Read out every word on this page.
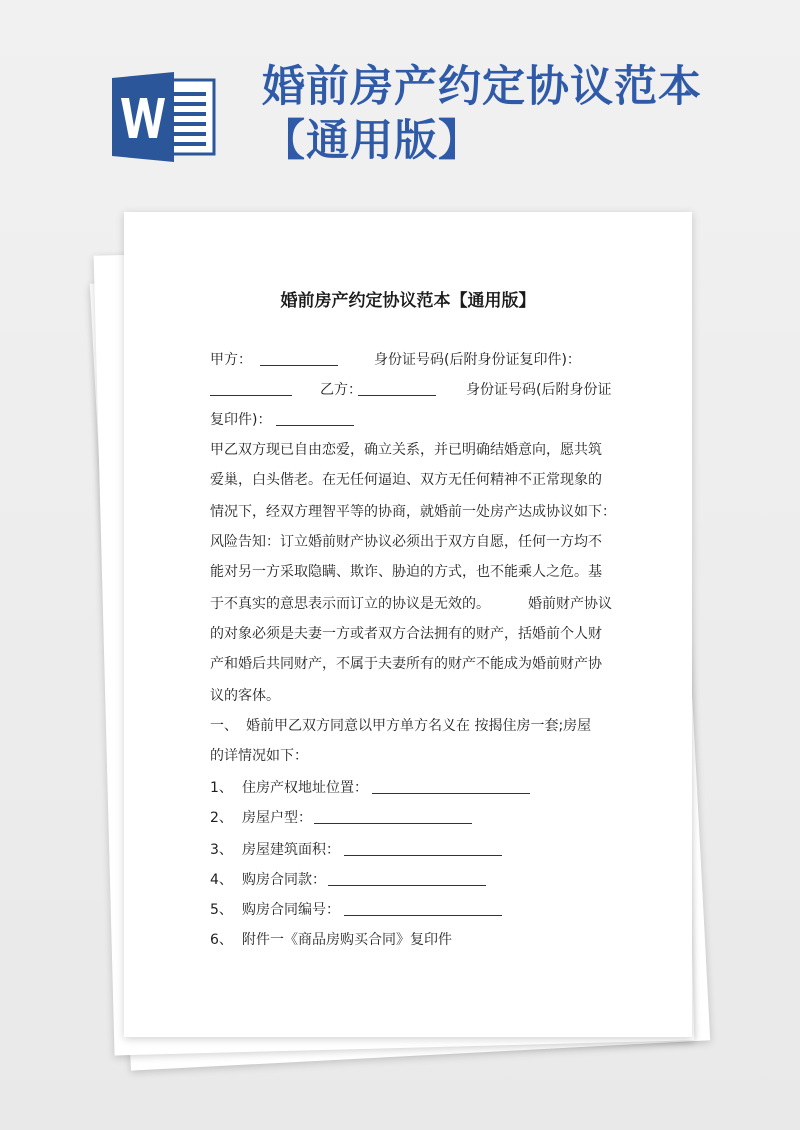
婚前房产约定协议范本
【通用版】
婚前房产约定协议范本【通用版】
甲方：	身份证号码(后附身份证复印件)：
乙方：	身份证号码(后附身份证
复印件)：
甲乙双方现已自由恋爱，确立关系，并已明确结婚意向，愿共筑
爱巢，白头偕老。在无任何逼迫、双方无任何精神不正常现象的
情况下，经双方理智平等的协商，就婚前一处房产达成协议如下：
风险告知：订立婚前财产协议必须出于双方自愿，任何一方均不
能对另一方采取隐瞒、欺诈、胁迫的方式，也不能乘人之危。基
于不真实的意思表示而订立的协议是无效的。	婚前财产协议
的对象必须是夫妻一方或者双方合法拥有的财产，括婚前个人财
产和婚后共同财产，不属于夫妻所有的财产不能成为婚前财产协
议的客体。
一、 婚前甲乙双方同意以甲方单方名义在 按揭住房一套;房屋
的详情况如下：
1、 住房产权地址位置：
2、 房屋户型：
3、 房屋建筑面积：
4、 购房合同款：
5、 购房合同编号：
6、 附件一《商品房购买合同》复印件
